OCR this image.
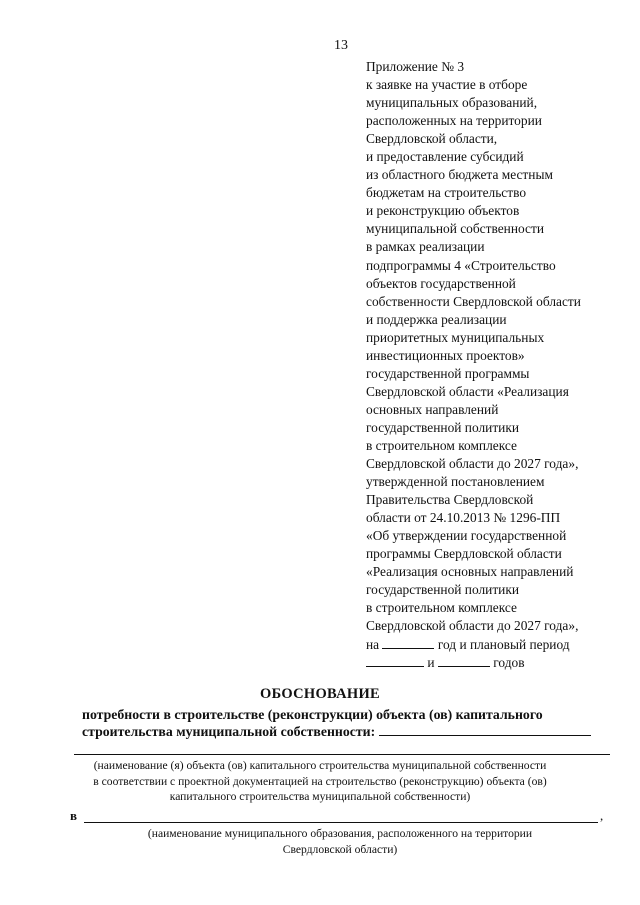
13
Приложение № 3
к заявке на участие в отборе
муниципальных образований,
расположенных на территории
Свердловской области,
и предоставление субсидий
из областного бюджета местным
бюджетам на строительство
и реконструкцию объектов
муниципальной собственности
в рамках реализации
подпрограммы 4 «Строительство
объектов государственной
собственности Свердловской области
и поддержка реализации
приоритетных муниципальных
инвестиционных проектов»
государственной программы
Свердловской области «Реализация
основных направлений
государственной политики
в строительном комплексе
Свердловской области до 2027 года»,
утвержденной постановлением
Правительства Свердловской
области от 24.10.2013 № 1296-ПП
«Об утверждении государственной
программы Свердловской области
«Реализация основных направлений
государственной политики
в строительном комплексе
Свердловской области до 2027 года»,
на	год и плановый период
и	годов
ОБОСНОВАНИЕ
потребности в строительстве (реконструкции) объекта (ов) капитального
строительства муниципальной собственности:
(наименование (я) объекта (ов) капитального строительства муниципальной собственности
в соответствии с проектной документацией на строительство (реконструкцию) объекта (ов)
капитального строительства муниципальной собственности)
в	,
(наименование муниципального образования, расположенного на территории
Свердловской области)
